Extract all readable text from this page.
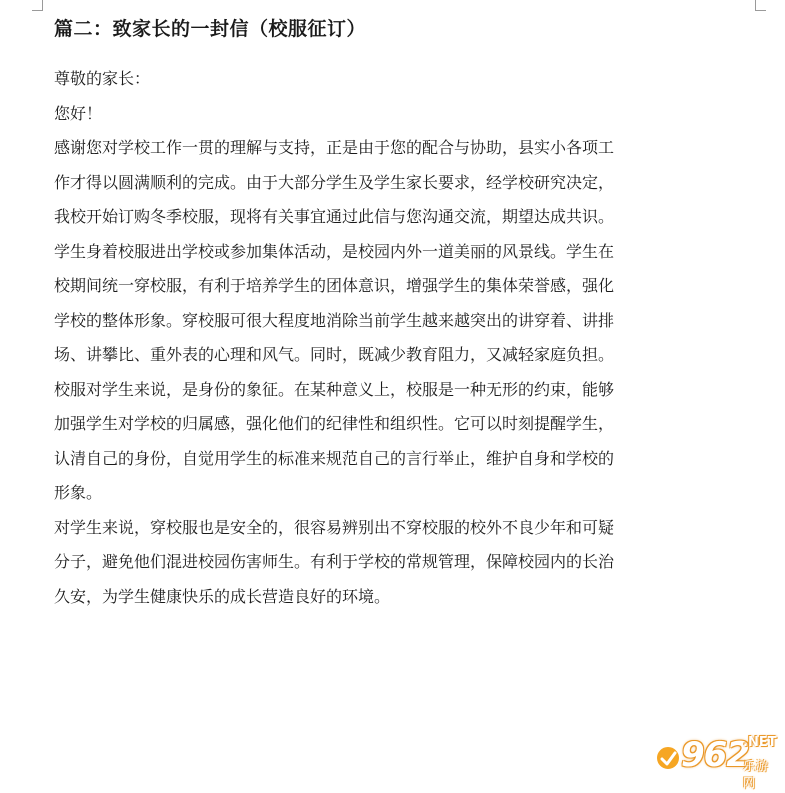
篇二：致家长的一封信（校服征订）

尊敬的家长：

您好！

感谢您对学校工作一贯的理解与支持，正是由于您的配合与协助，县实小各项工

作才得以圆满顺利的完成。由于大部分学生及学生家长要求，经学校研究决定，

我校开始订购冬季校服，现将有关事宜通过此信与您沟通交流，期望达成共识。

学生身着校服进出学校或参加集体活动，是校园内外一道美丽的风景线。学生在

校期间统一穿校服，有利于培养学生的团体意识，增强学生的集体荣誉感，强化

学校的整体形象。穿校服可很大程度地消除当前学生越来越突出的讲穿着、讲排

场、讲攀比、重外表的心理和风气。同时，既减少教育阻力，又减轻家庭负担。

校服对学生来说，是身份的象征。在某种意义上，校服是一种无形的约束，能够

加强学生对学校的归属感，强化他们的纪律性和组织性。它可以时刻提醒学生，

认清自己的身份，自觉用学生的标准来规范自己的言行举止，维护自身和学校的

形象。

对学生来说，穿校服也是安全的，很容易辨别出不穿校服的校外不良少年和可疑

分子，避免他们混进校园伤害师生。有利于学校的常规管理，保障校园内的长治

久安，为学生健康快乐的成长营造良好的环境。

962
.NET
乐游网
